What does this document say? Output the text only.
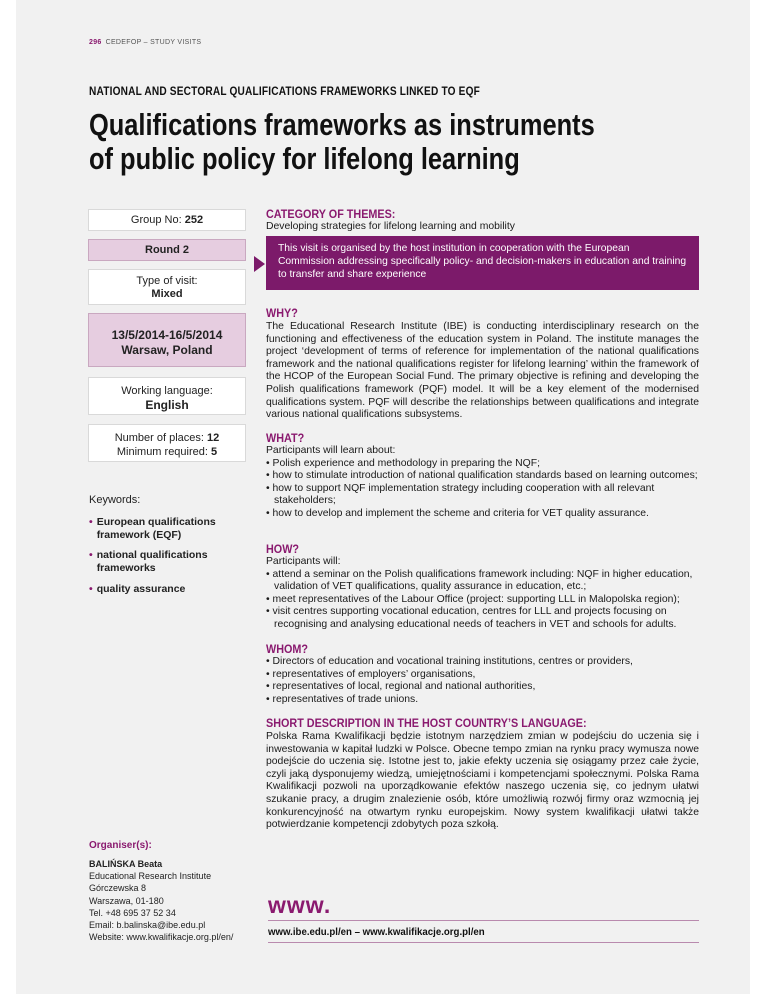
296 CEDEFOP – STUDY VISITS
NATIONAL AND SECTORAL QUALIFICATIONS FRAMEWORKS LINKED TO EQF
Qualifications frameworks as instruments
of public policy for lifelong learning
Group No: 252
Round 2
Type of visit:
Mixed
13/5/2014-16/5/2014
Warsaw, Poland
Working language:
English
Number of places: 12
Minimum required: 5
Keywords:
• European qualifications framework (EQF)
• national qualifications frameworks
• quality assurance
Organiser(s):
BALIŃSKA Beata
Educational Research Institute
Górczewska 8
Warszawa, 01-180
Tel. +48 695 37 52 34
Email: b.balinska@ibe.edu.pl
Website: www.kwalifikacje.org.pl/en/
CATEGORY OF THEMES:
Developing strategies for lifelong learning and mobility
This visit is organised by the host institution in cooperation with the European Commission addressing specifically policy- and decision-makers in education and training to transfer and share experience
WHY?
The Educational Research Institute (IBE) is conducting interdisciplinary research on the functioning and effectiveness of the education system in Poland. The institute manages the project ‘development of terms of reference for implementation of the national qualifications framework and the national qualifications register for lifelong learning’ within the framework of the HCOP of the European Social Fund. The primary objective is refining and developing the Polish qualifications framework (PQF) model. It will be a key element of the modernised qualifications system. PQF will describe the relationships between qualifications and integrate various national qualifications subsystems.
WHAT?
Participants will learn about:
• Polish experience and methodology in preparing the NQF;
• how to stimulate introduction of national qualification standards based on learning outcomes;
• how to support NQF implementation strategy including cooperation with all relevant stakeholders;
• how to develop and implement the scheme and criteria for VET quality assurance.
HOW?
Participants will:
• attend a seminar on the Polish qualifications framework including: NQF in higher education, validation of VET qualifications, quality assurance in education, etc.;
• meet representatives of the Labour Office (project: supporting LLL in Malopolska region);
• visit centres supporting vocational education, centres for LLL and projects focusing on recognising and analysing educational needs of teachers in VET and schools for adults.
WHOM?
• Directors of education and vocational training institutions, centres or providers,
• representatives of employers’ organisations,
• representatives of local, regional and national authorities,
• representatives of trade unions.
SHORT DESCRIPTION IN THE HOST COUNTRY’S LANGUAGE:
Polska Rama Kwalifikacji będzie istotnym narzędziem zmian w podejściu do uczenia się i inwestowania w kapitał ludzki w Polsce. Obecne tempo zmian na rynku pracy wymusza nowe podejście do uczenia się. Istotne jest to, jakie efekty uczenia się osiągamy przez całe życie, czyli jaką dysponujemy wiedzą, umiejętnościami i kompetencjami społecznymi. Polska Rama Kwalifikacji pozwoli na uporządkowanie efektów naszego uczenia się, co jednym ułatwi szukanie pracy, a drugim znalezienie osób, które umożliwią rozwój firmy oraz wzmocnią jej konkurencyjność na otwartym rynku europejskim. Nowy system kwalifikacji ułatwi także potwierdzanie kompetencji zdobytych poza szkołą.
www.
www.ibe.edu.pl/en – www.kwalifikacje.org.pl/en
